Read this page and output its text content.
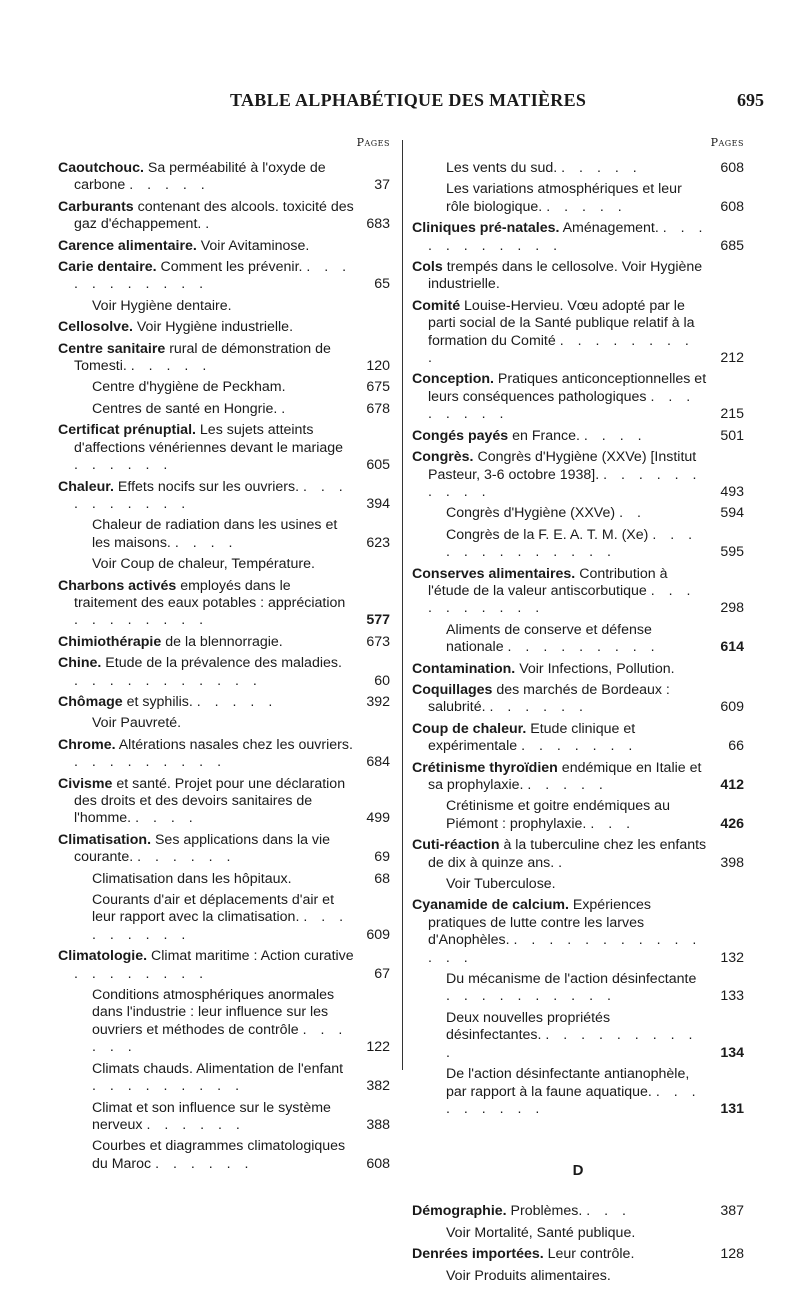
TABLE ALPHABÉTIQUE DES MATIÈRES	695
Pages
Caoutchouc. Sa perméabilité à l'oxyde de carbone . . . . .	37
Carburants contenant des alcools. toxicité des gaz d'échappement. .	683
Carence alimentaire. Voir Avitaminose.
Carie dentaire. Comment les prévenir. . . . . . . . . . . .	65
Voir Hygiène dentaire.
Cellosolve. Voir Hygiène industrielle.
Centre sanitaire rural de démonstration de Tomesti. . . . . .	120
Centre d'hygiène de Peckham.	675
Centres de santé en Hongrie. .	678
Certificat prénuptial. Les sujets atteints d'affections vénériennes devant le mariage . . . . . .	605
Chaleur. Effets nocifs sur les ouvriers. . . . . . . . . . .	394
Chaleur de radiation dans les usines et les maisons. . . . .	623
Voir Coup de chaleur, Température.
Charbons activés employés dans le traitement des eaux potables : appréciation . . . . . . . .	577
Chimiothérapie de la blennorragie.	673
Chine. Etude de la prévalence des maladies. . . . . . . . . . . .	60
Chômage et syphilis. . . . . .	392
Voir Pauvreté.
Chrome. Altérations nasales chez les ouvriers. . . . . . . . . .	684
Civisme et santé. Projet pour une déclaration des droits et des devoirs sanitaires de l'homme. . . . .	499
Climatisation. Ses applications dans la vie courante. . . . . . .	69
Climatisation dans les hôpitaux.	68
Courants d'air et déplacements d'air et leur rapport avec la climatisation. . . . . . . . . .	609
Climatologie. Climat maritime : Action curative . . . . . . . .	67
Conditions atmosphériques anormales dans l'industrie : leur influence sur les ouvriers et méthodes de contrôle . . . . . .	122
Climats chauds. Alimentation de l'enfant . . . . . . . . .	382
Climat et son influence sur le système nerveux . . . . . .	388
Courbes et diagrammes climatologiques du Maroc . . . . . .	608
Pages
Les vents du sud. . . . . .	608
Les variations atmosphériques et leur rôle biologique. . . . . .	608
Cliniques pré-natales. Aménagement. . . . . . . . . . . .	685
Cols trempés dans le cellosolve. Voir Hygiène industrielle.
Comité Louise-Hervieu. Vœu adopté par le parti social de la Santé publique relatif à la formation du Comité . . . . . . . . .	212
Conception. Pratiques anticonceptionnelles et leurs conséquences pathologiques . . . . . . . .	215
Congés payés en France. . . . .	501
Congrès. Congrès d'Hygiène (XXVe) [Institut Pasteur, 3-6 octobre 1938]. . . . . . . . . . .	493
Congrès d'Hygiène (XXVe) . .	594
Congrès de la F. E. A. T. M. (Xe) . . . . . . . . . . . . .	595
Conserves alimentaires. Contribution à l'étude de la valeur antiscorbutique . . . . . . . . . .	298
Aliments de conserve et défense nationale . . . . . . . . .	614
Contamination. Voir Infections, Pollution.
Coquillages des marchés de Bordeaux : salubrité. . . . . . .	609
Coup de chaleur. Etude clinique et expérimentale . . . . . . .	66
Crétinisme thyroïdien endémique en Italie et sa prophylaxie. . . . . .	412
Crétinisme et goitre endémiques au Piémont : prophylaxie. . . .	426
Cuti-réaction à la tuberculine chez les enfants de dix à quinze ans. .	398
Voir Tuberculose.
Cyanamide de calcium. Expériences pratiques de lutte contre les larves d'Anophèles. . . . . . . . . . . . . . .	132
Du mécanisme de l'action désinfectante . . . . . . . . . .	133
Deux nouvelles propriétés désinfectantes. . . . . . . . . . .	134
De l'action désinfectante antianophèle, par rapport à la faune aquatique. . . . . . . . . .	131
D
Démographie. Problèmes. . . .	387
Voir Mortalité, Santé publique.
Denrées importées. Leur contrôle.	128
Voir Produits alimentaires.
